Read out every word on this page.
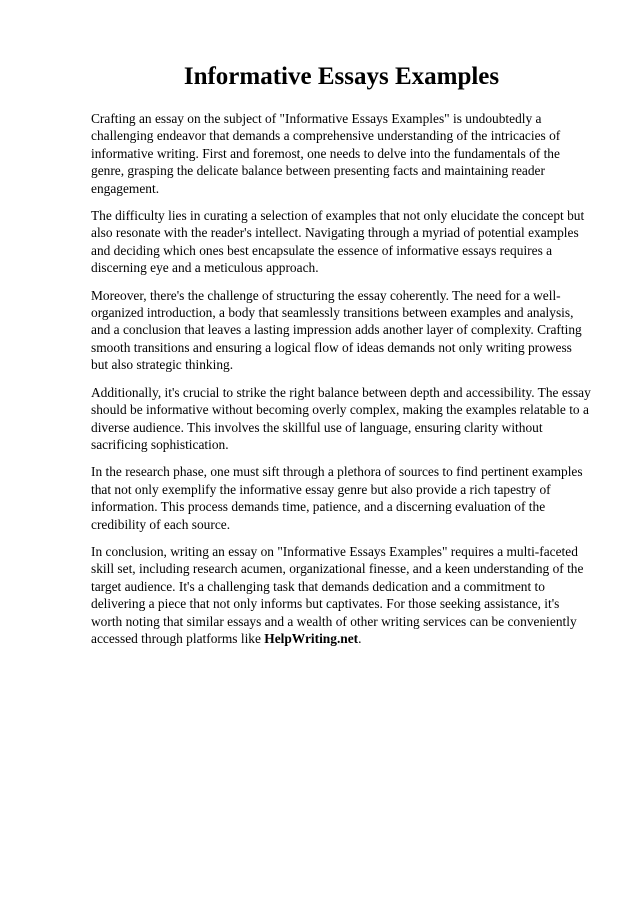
Informative Essays Examples

Crafting an essay on the subject of "Informative Essays Examples" is undoubtedly a challenging endeavor that demands a comprehensive understanding of the intricacies of informative writing. First and foremost, one needs to delve into the fundamentals of the genre, grasping the delicate balance between presenting facts and maintaining reader engagement.

The difficulty lies in curating a selection of examples that not only elucidate the concept but also resonate with the reader's intellect. Navigating through a myriad of potential examples and deciding which ones best encapsulate the essence of informative essays requires a discerning eye and a meticulous approach.

Moreover, there's the challenge of structuring the essay coherently. The need for a well-organized introduction, a body that seamlessly transitions between examples and analysis, and a conclusion that leaves a lasting impression adds another layer of complexity. Crafting smooth transitions and ensuring a logical flow of ideas demands not only writing prowess but also strategic thinking.

Additionally, it's crucial to strike the right balance between depth and accessibility. The essay should be informative without becoming overly complex, making the examples relatable to a diverse audience. This involves the skillful use of language, ensuring clarity without sacrificing sophistication.

In the research phase, one must sift through a plethora of sources to find pertinent examples that not only exemplify the informative essay genre but also provide a rich tapestry of information. This process demands time, patience, and a discerning evaluation of the credibility of each source.

In conclusion, writing an essay on "Informative Essays Examples" requires a multi-faceted skill set, including research acumen, organizational finesse, and a keen understanding of the target audience. It's a challenging task that demands dedication and a commitment to delivering a piece that not only informs but captivates. For those seeking assistance, it's worth noting that similar essays and a wealth of other writing services can be conveniently accessed through platforms like HelpWriting.net.
